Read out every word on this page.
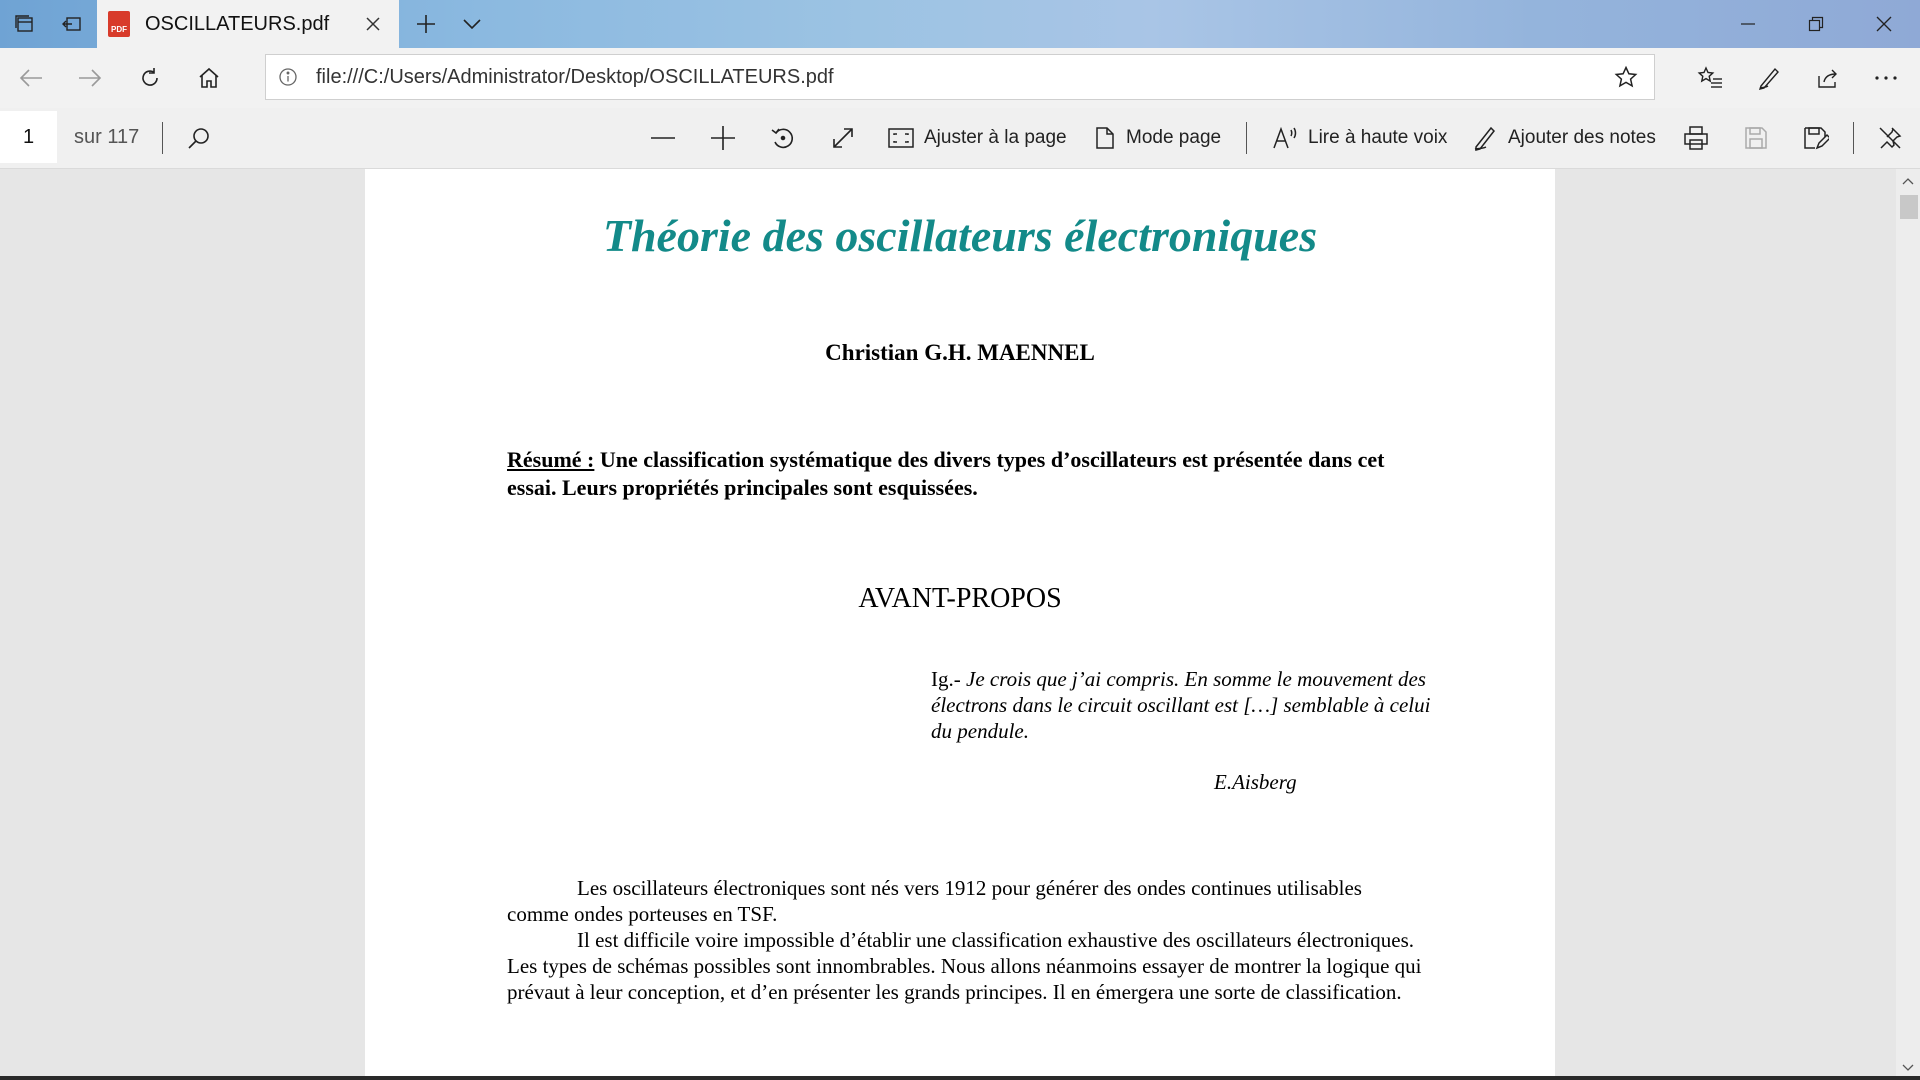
PDF OSCILLATEURS.pdf
file:///C:/Users/Administrator/Desktop/OSCILLATEURS.pdf
1	sur 117	Ajuster à la page	Mode page	Lire à haute voix	Ajouter des notes
Théorie des oscillateurs électroniques
Christian G.H. MAENNEL
Résumé : Une classification systématique des divers types d’oscillateurs est présentée dans cet essai. Leurs propriétés principales sont esquissées.
AVANT-PROPOS
Ig.- Je crois que j’ai compris. En somme le mouvement des électrons dans le circuit oscillant est […] semblable à celui du pendule.
E.Aisberg
Les oscillateurs électroniques sont nés vers 1912 pour générer des ondes continues utilisables comme ondes porteuses en TSF.
Il est difficile voire impossible d’établir une classification exhaustive des oscillateurs électroniques. Les types de schémas possibles sont innombrables. Nous allons néanmoins essayer de montrer la logique qui prévaut à leur conception, et d’en présenter les grands principes. Il en émergera une sorte de classification.
